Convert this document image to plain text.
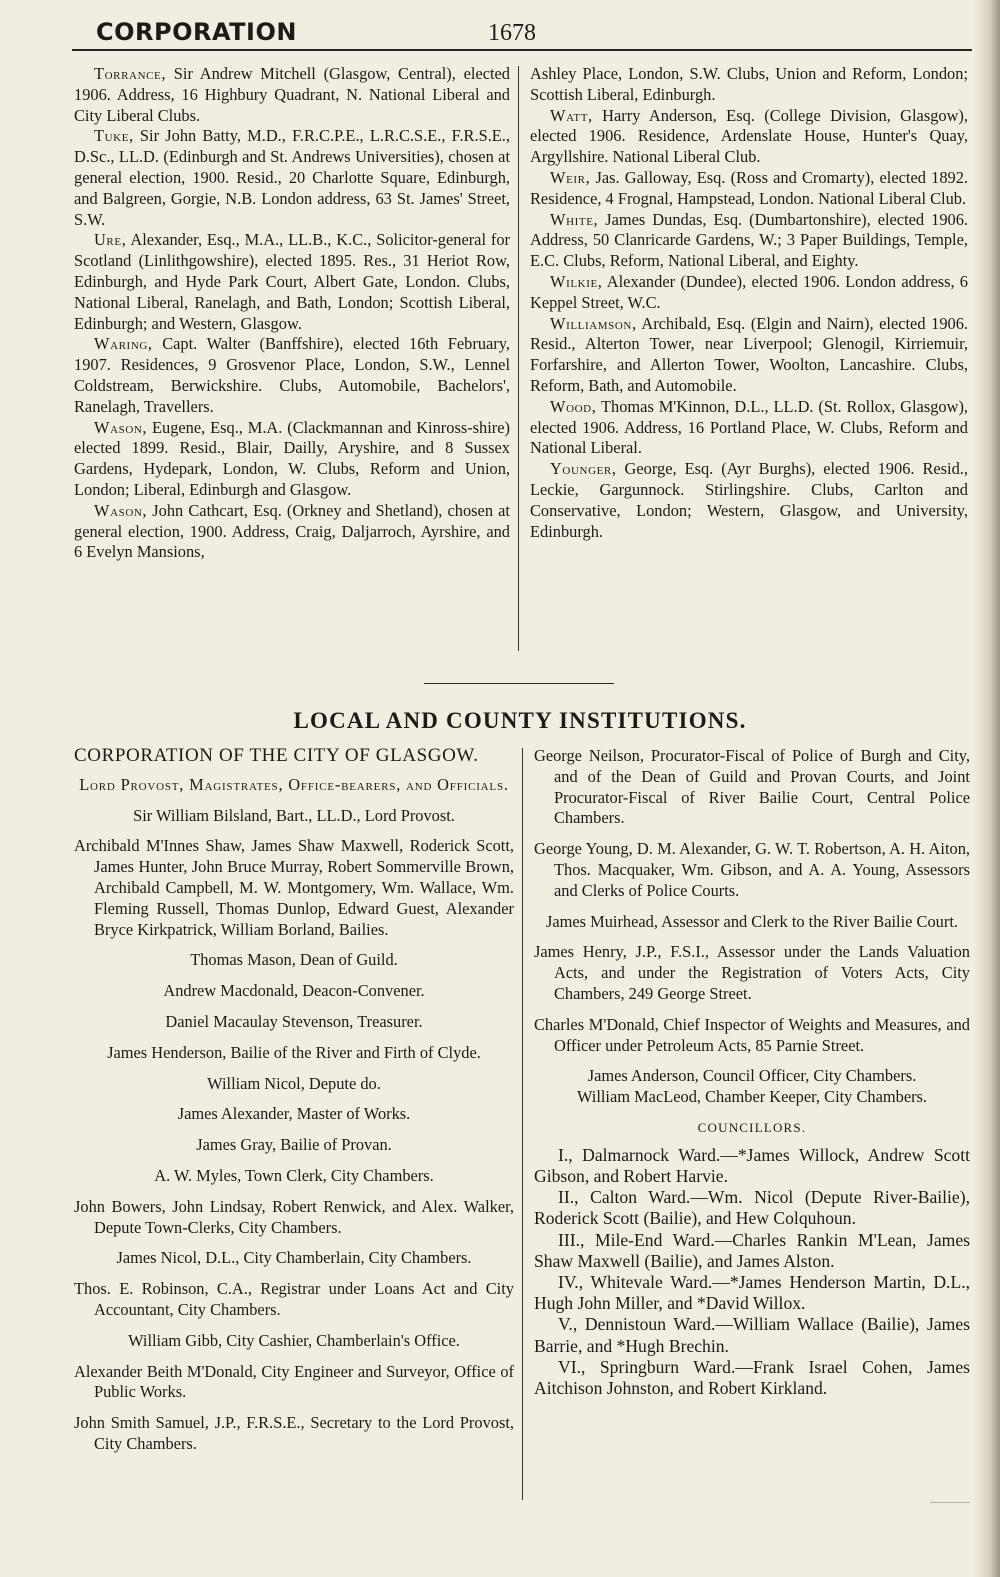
CORPORATION	1678

Torrance, Sir Andrew Mitchell (Glasgow, Central), elected 1906. Address, 16 Highbury Quadrant, N. National Liberal and City Liberal Clubs.

Tuke, Sir John Batty, M.D., F.R.C.P.E., L.R.C.S.E., F.R.S.E., D.Sc., LL.D. (Edinburgh and St. Andrews Universities), chosen at general election, 1900. Resid., 20 Charlotte Square, Edinburgh, and Balgreen, Gorgie, N.B. London address, 63 St. James' Street, S.W.

Ure, Alexander, Esq., M.A., LL.B., K.C., Solicitor-general for Scotland (Linlithgowshire), elected 1895. Res., 31 Heriot Row, Edinburgh, and Hyde Park Court, Albert Gate, London. Clubs, National Liberal, Ranelagh, and Bath, London; Scottish Liberal, Edinburgh; and Western, Glasgow.

Waring, Capt. Walter (Banffshire), elected 16th February, 1907. Residences, 9 Grosvenor Place, London, S.W., Lennel Coldstream, Berwickshire. Clubs, Automobile, Bachelors', Ranelagh, Travellers.

Wason, Eugene, Esq., M.A. (Clackmannan and Kinross-shire) elected 1899. Resid., Blair, Dailly, Aryshire, and 8 Sussex Gardens, Hydepark, London, W. Clubs, Reform and Union, London; Liberal, Edinburgh and Glasgow.

Wason, John Cathcart, Esq. (Orkney and Shetland), chosen at general election, 1900. Address, Craig, Daljarroch, Ayrshire, and 6 Evelyn Mansions,

Ashley Place, London, S.W. Clubs, Union and Reform, London; Scottish Liberal, Edinburgh.

Watt, Harry Anderson, Esq. (College Division, Glasgow), elected 1906. Residence, Ardenslate House, Hunter's Quay, Argyllshire. National Liberal Club.

Weir, Jas. Galloway, Esq. (Ross and Cromarty), elected 1892. Residence, 4 Frognal, Hampstead, London. National Liberal Club.

White, James Dundas, Esq. (Dumbartonshire), elected 1906. Address, 50 Clanricarde Gardens, W.; 3 Paper Buildings, Temple, E.C. Clubs, Reform, National Liberal, and Eighty.

Wilkie, Alexander (Dundee), elected 1906. London address, 6 Keppel Street, W.C.

Williamson, Archibald, Esq. (Elgin and Nairn), elected 1906. Resid., Alterton Tower, near Liverpool; Glenogil, Kirriemuir, Forfarshire, and Allerton Tower, Woolton, Lancashire. Clubs, Reform, Bath, and Automobile.

Wood, Thomas M'Kinnon, D.L., LL.D. (St. Rollox, Glasgow), elected 1906. Address, 16 Portland Place, W. Clubs, Reform and National Liberal.

Younger, George, Esq. (Ayr Burghs), elected 1906. Resid., Leckie, Gargunnock. Stirlingshire. Clubs, Carlton and Conservative, London; Western, Glasgow, and University, Edinburgh.

LOCAL AND COUNTY INSTITUTIONS.

CORPORATION OF THE CITY OF GLASGOW.

Lord Provost, Magistrates, Office-bearers, and Officials.

Sir William Bilsland, Bart., LL.D., Lord Provost.

Archibald M'Innes Shaw, James Shaw Maxwell, Roderick Scott, James Hunter, John Bruce Murray, Robert Sommerville Brown, Archibald Campbell, M. W. Montgomery, Wm. Wallace, Wm. Fleming Russell, Thomas Dunlop, Edward Guest, Alexander Bryce Kirkpatrick, William Borland, Bailies.

Thomas Mason, Dean of Guild.

Andrew Macdonald, Deacon-Convener.

Daniel Macaulay Stevenson, Treasurer.

James Henderson, Bailie of the River and Firth of Clyde.

William Nicol, Depute do.

James Alexander, Master of Works.

James Gray, Bailie of Provan.

A. W. Myles, Town Clerk, City Chambers.

John Bowers, John Lindsay, Robert Renwick, and Alex. Walker, Depute Town-Clerks, City Chambers.

James Nicol, D.L., City Chamberlain, City Chambers.

Thos. E. Robinson, C.A., Registrar under Loans Act and City Accountant, City Chambers.

William Gibb, City Cashier, Chamberlain's Office.

Alexander Beith M'Donald, City Engineer and Surveyor, Office of Public Works.

John Smith Samuel, J.P., F.R.S.E., Secretary to the Lord Provost, City Chambers.

George Neilson, Procurator-Fiscal of Police of Burgh and City, and of the Dean of Guild and Provan Courts, and Joint Procurator-Fiscal of River Bailie Court, Central Police Chambers.

George Young, D. M. Alexander, G. W. T. Robertson, A. H. Aiton, Thos. Macquaker, Wm. Gibson, and A. A. Young, Assessors and Clerks of Police Courts.

James Muirhead, Assessor and Clerk to the River Bailie Court.

James Henry, J.P., F.S.I., Assessor under the Lands Valuation Acts, and under the Registration of Voters Acts, City Chambers, 249 George Street.

Charles M'Donald, Chief Inspector of Weights and Measures, and Officer under Petroleum Acts, 85 Parnie Street.

James Anderson, Council Officer, City Chambers.

William MacLeod, Chamber Keeper, City Chambers.

COUNCILLORS.

I., Dalmarnock Ward.—*James Willock, Andrew Scott Gibson, and Robert Harvie.

II., Calton Ward.—Wm. Nicol (Depute River-Bailie), Roderick Scott (Bailie), and Hew Colquhoun.

III., Mile-End Ward.—Charles Rankin M'Lean, James Shaw Maxwell (Bailie), and James Alston.

IV., Whitevale Ward.—*James Henderson Martin, D.L., Hugh John Miller, and *David Willox.

V., Dennistoun Ward.—William Wallace (Bailie), James Barrie, and *Hugh Brechin.

VI., Springburn Ward.—Frank Israel Cohen, James Aitchison Johnston, and Robert Kirkland.
